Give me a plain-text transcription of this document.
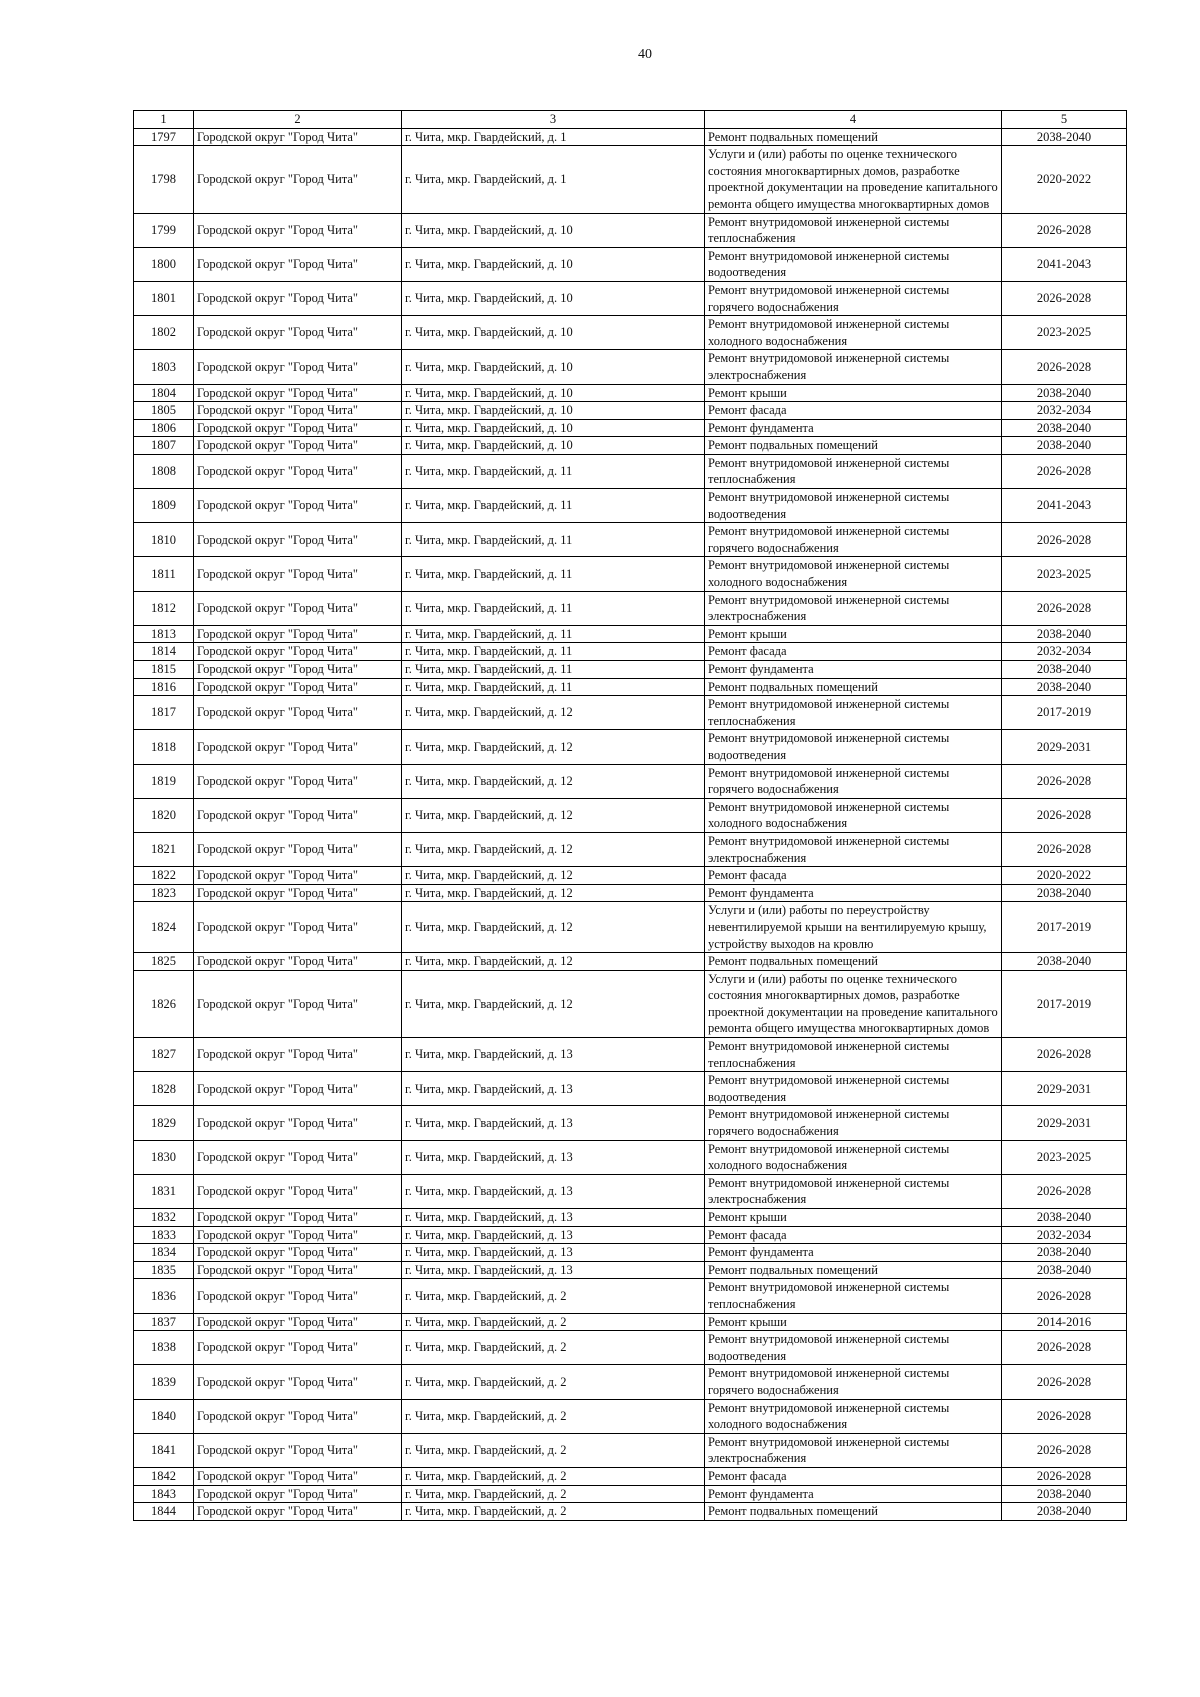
40
1	2	3	4	5
1797	Городской округ "Город Чита"	г. Чита, мкр. Гвардейский, д. 1	Ремонт подвальных помещений	2038-2040
1798	Городской округ "Город Чита"	г. Чита, мкр. Гвардейский, д. 1	Услуги и (или) работы по оценке технического состояния многоквартирных домов, разработке проектной документации на проведение капитального ремонта общего имущества многоквартирных домов	2020-2022
1799	Городской округ "Город Чита"	г. Чита, мкр. Гвардейский, д. 10	Ремонт внутридомовой инженерной системы теплоснабжения	2026-2028
1800	Городской округ "Город Чита"	г. Чита, мкр. Гвардейский, д. 10	Ремонт внутридомовой инженерной системы водоотведения	2041-2043
1801	Городской округ "Город Чита"	г. Чита, мкр. Гвардейский, д. 10	Ремонт внутридомовой инженерной системы горячего водоснабжения	2026-2028
1802	Городской округ "Город Чита"	г. Чита, мкр. Гвардейский, д. 10	Ремонт внутридомовой инженерной системы холодного водоснабжения	2023-2025
1803	Городской округ "Город Чита"	г. Чита, мкр. Гвардейский, д. 10	Ремонт внутридомовой инженерной системы электроснабжения	2026-2028
1804	Городской округ "Город Чита"	г. Чита, мкр. Гвардейский, д. 10	Ремонт крыши	2038-2040
1805	Городской округ "Город Чита"	г. Чита, мкр. Гвардейский, д. 10	Ремонт фасада	2032-2034
1806	Городской округ "Город Чита"	г. Чита, мкр. Гвардейский, д. 10	Ремонт фундамента	2038-2040
1807	Городской округ "Город Чита"	г. Чита, мкр. Гвардейский, д. 10	Ремонт подвальных помещений	2038-2040
1808	Городской округ "Город Чита"	г. Чита, мкр. Гвардейский, д. 11	Ремонт внутридомовой инженерной системы теплоснабжения	2026-2028
1809	Городской округ "Город Чита"	г. Чита, мкр. Гвардейский, д. 11	Ремонт внутридомовой инженерной системы водоотведения	2041-2043
1810	Городской округ "Город Чита"	г. Чита, мкр. Гвардейский, д. 11	Ремонт внутридомовой инженерной системы горячего водоснабжения	2026-2028
1811	Городской округ "Город Чита"	г. Чита, мкр. Гвардейский, д. 11	Ремонт внутридомовой инженерной системы холодного водоснабжения	2023-2025
1812	Городской округ "Город Чита"	г. Чита, мкр. Гвардейский, д. 11	Ремонт внутридомовой инженерной системы электроснабжения	2026-2028
1813	Городской округ "Город Чита"	г. Чита, мкр. Гвардейский, д. 11	Ремонт крыши	2038-2040
1814	Городской округ "Город Чита"	г. Чита, мкр. Гвардейский, д. 11	Ремонт фасада	2032-2034
1815	Городской округ "Город Чита"	г. Чита, мкр. Гвардейский, д. 11	Ремонт фундамента	2038-2040
1816	Городской округ "Город Чита"	г. Чита, мкр. Гвардейский, д. 11	Ремонт подвальных помещений	2038-2040
1817	Городской округ "Город Чита"	г. Чита, мкр. Гвардейский, д. 12	Ремонт внутридомовой инженерной системы теплоснабжения	2017-2019
1818	Городской округ "Город Чита"	г. Чита, мкр. Гвардейский, д. 12	Ремонт внутридомовой инженерной системы водоотведения	2029-2031
1819	Городской округ "Город Чита"	г. Чита, мкр. Гвардейский, д. 12	Ремонт внутридомовой инженерной системы горячего водоснабжения	2026-2028
1820	Городской округ "Город Чита"	г. Чита, мкр. Гвардейский, д. 12	Ремонт внутридомовой инженерной системы холодного водоснабжения	2026-2028
1821	Городской округ "Город Чита"	г. Чита, мкр. Гвардейский, д. 12	Ремонт внутридомовой инженерной системы электроснабжения	2026-2028
1822	Городской округ "Город Чита"	г. Чита, мкр. Гвардейский, д. 12	Ремонт фасада	2020-2022
1823	Городской округ "Город Чита"	г. Чита, мкр. Гвардейский, д. 12	Ремонт фундамента	2038-2040
1824	Городской округ "Город Чита"	г. Чита, мкр. Гвардейский, д. 12	Услуги и (или) работы по переустройству невентилируемой крыши на вентилируемую крышу, устройству выходов на кровлю	2017-2019
1825	Городской округ "Город Чита"	г. Чита, мкр. Гвардейский, д. 12	Ремонт подвальных помещений	2038-2040
1826	Городской округ "Город Чита"	г. Чита, мкр. Гвардейский, д. 12	Услуги и (или) работы по оценке технического состояния многоквартирных домов, разработке проектной документации на проведение капитального ремонта общего имущества многоквартирных домов	2017-2019
1827	Городской округ "Город Чита"	г. Чита, мкр. Гвардейский, д. 13	Ремонт внутридомовой инженерной системы теплоснабжения	2026-2028
1828	Городской округ "Город Чита"	г. Чита, мкр. Гвардейский, д. 13	Ремонт внутридомовой инженерной системы водоотведения	2029-2031
1829	Городской округ "Город Чита"	г. Чита, мкр. Гвардейский, д. 13	Ремонт внутридомовой инженерной системы горячего водоснабжения	2029-2031
1830	Городской округ "Город Чита"	г. Чита, мкр. Гвардейский, д. 13	Ремонт внутридомовой инженерной системы холодного водоснабжения	2023-2025
1831	Городской округ "Город Чита"	г. Чита, мкр. Гвардейский, д. 13	Ремонт внутридомовой инженерной системы электроснабжения	2026-2028
1832	Городской округ "Город Чита"	г. Чита, мкр. Гвардейский, д. 13	Ремонт крыши	2038-2040
1833	Городской округ "Город Чита"	г. Чита, мкр. Гвардейский, д. 13	Ремонт фасада	2032-2034
1834	Городской округ "Город Чита"	г. Чита, мкр. Гвардейский, д. 13	Ремонт фундамента	2038-2040
1835	Городской округ "Город Чита"	г. Чита, мкр. Гвардейский, д. 13	Ремонт подвальных помещений	2038-2040
1836	Городской округ "Город Чита"	г. Чита, мкр. Гвардейский, д. 2	Ремонт внутридомовой инженерной системы теплоснабжения	2026-2028
1837	Городской округ "Город Чита"	г. Чита, мкр. Гвардейский, д. 2	Ремонт крыши	2014-2016
1838	Городской округ "Город Чита"	г. Чита, мкр. Гвардейский, д. 2	Ремонт внутридомовой инженерной системы водоотведения	2026-2028
1839	Городской округ "Город Чита"	г. Чита, мкр. Гвардейский, д. 2	Ремонт внутридомовой инженерной системы горячего водоснабжения	2026-2028
1840	Городской округ "Город Чита"	г. Чита, мкр. Гвардейский, д. 2	Ремонт внутридомовой инженерной системы холодного водоснабжения	2026-2028
1841	Городской округ "Город Чита"	г. Чита, мкр. Гвардейский, д. 2	Ремонт внутридомовой инженерной системы электроснабжения	2026-2028
1842	Городской округ "Город Чита"	г. Чита, мкр. Гвардейский, д. 2	Ремонт фасада	2026-2028
1843	Городской округ "Город Чита"	г. Чита, мкр. Гвардейский, д. 2	Ремонт фундамента	2038-2040
1844	Городской округ "Город Чита"	г. Чита, мкр. Гвардейский, д. 2	Ремонт подвальных помещений	2038-2040
